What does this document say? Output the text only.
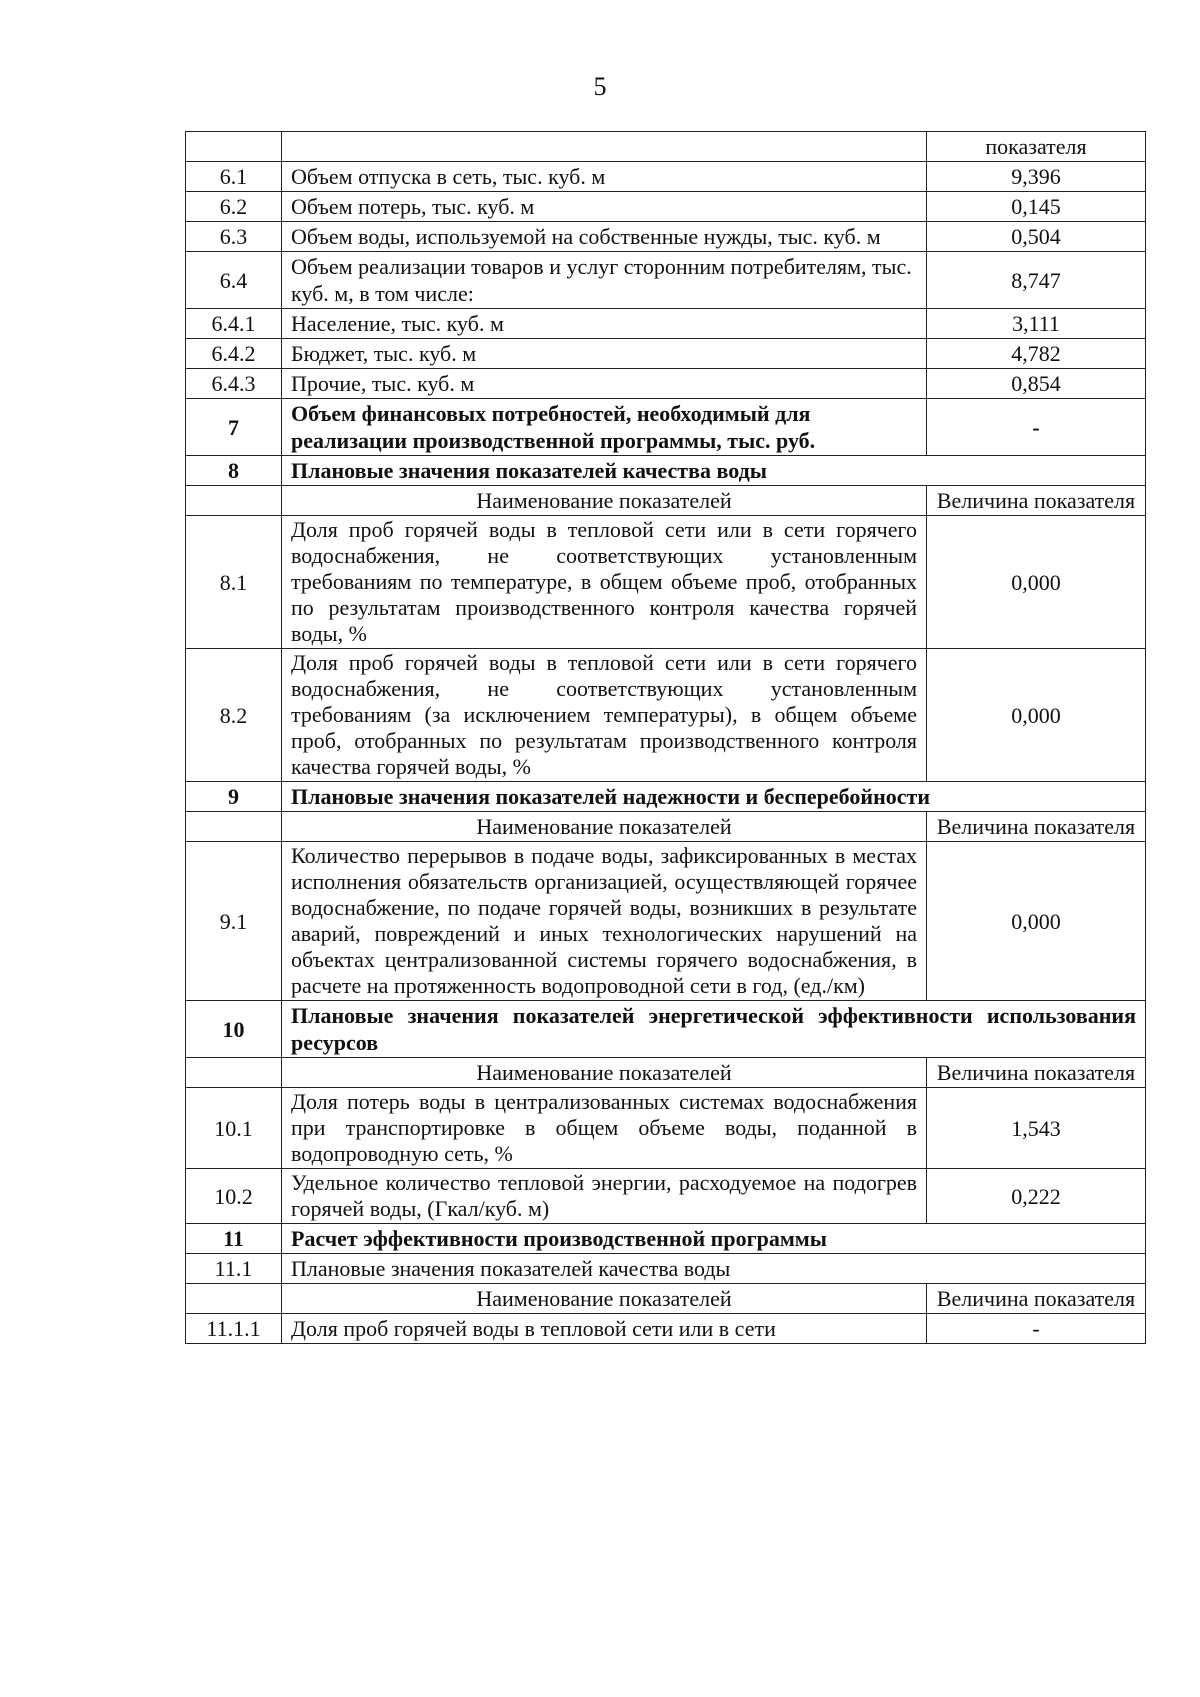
5
		показателя
6.1	Объем отпуска в сеть, тыс. куб. м	9,396
6.2	Объем потерь, тыс. куб. м	0,145
6.3	Объем воды, используемой на собственные нужды, тыс. куб. м	0,504
6.4	Объем реализации товаров и услуг сторонним потребителям, тыс. куб. м, в том числе:	8,747
6.4.1	Население, тыс. куб. м	3,111
6.4.2	Бюджет, тыс. куб. м	4,782
6.4.3	Прочие, тыс. куб. м	0,854
7	Объем финансовых потребностей, необходимый для реализации производственной программы, тыс. руб.	-
8	Плановые значения показателей качества воды	
	Наименование показателей	Величина показателя
8.1	Доля проб горячей воды в тепловой сети или в сети горячего водоснабжения, не соответствующих установленным требованиям по температуре, в общем объеме проб, отобранных по результатам производственного контроля качества горячей воды, %	0,000
8.2	Доля проб горячей воды в тепловой сети или в сети горячего водоснабжения, не соответствующих установленным требованиям (за исключением температуры), в общем объеме проб, отобранных по результатам производственного контроля качества горячей воды, %	0,000
9	Плановые значения показателей надежности и бесперебойности	
	Наименование показателей	Величина показателя
9.1	Количество перерывов в подаче воды, зафиксированных в местах исполнения обязательств организацией, осуществляющей горячее водоснабжение, по подаче горячей воды, возникших в результате аварий, повреждений и иных технологических нарушений на объектах централизованной системы горячего водоснабжения, в расчете на протяженность водопроводной сети в год, (ед./км)	0,000
10	Плановые значения показателей энергетической эффективности использования ресурсов	
	Наименование показателей	Величина показателя
10.1	Доля потерь воды в централизованных системах водоснабжения при транспортировке в общем объеме воды, поданной в водопроводную сеть, %	1,543
10.2	Удельное количество тепловой энергии, расходуемое на подогрев горячей воды, (Гкал/куб. м)	0,222
11	Расчет эффективности производственной программы	
11.1	Плановые значения показателей качества воды	
	Наименование показателей	Величина показателя
11.1.1	Доля проб горячей воды в тепловой сети или в сети	-
